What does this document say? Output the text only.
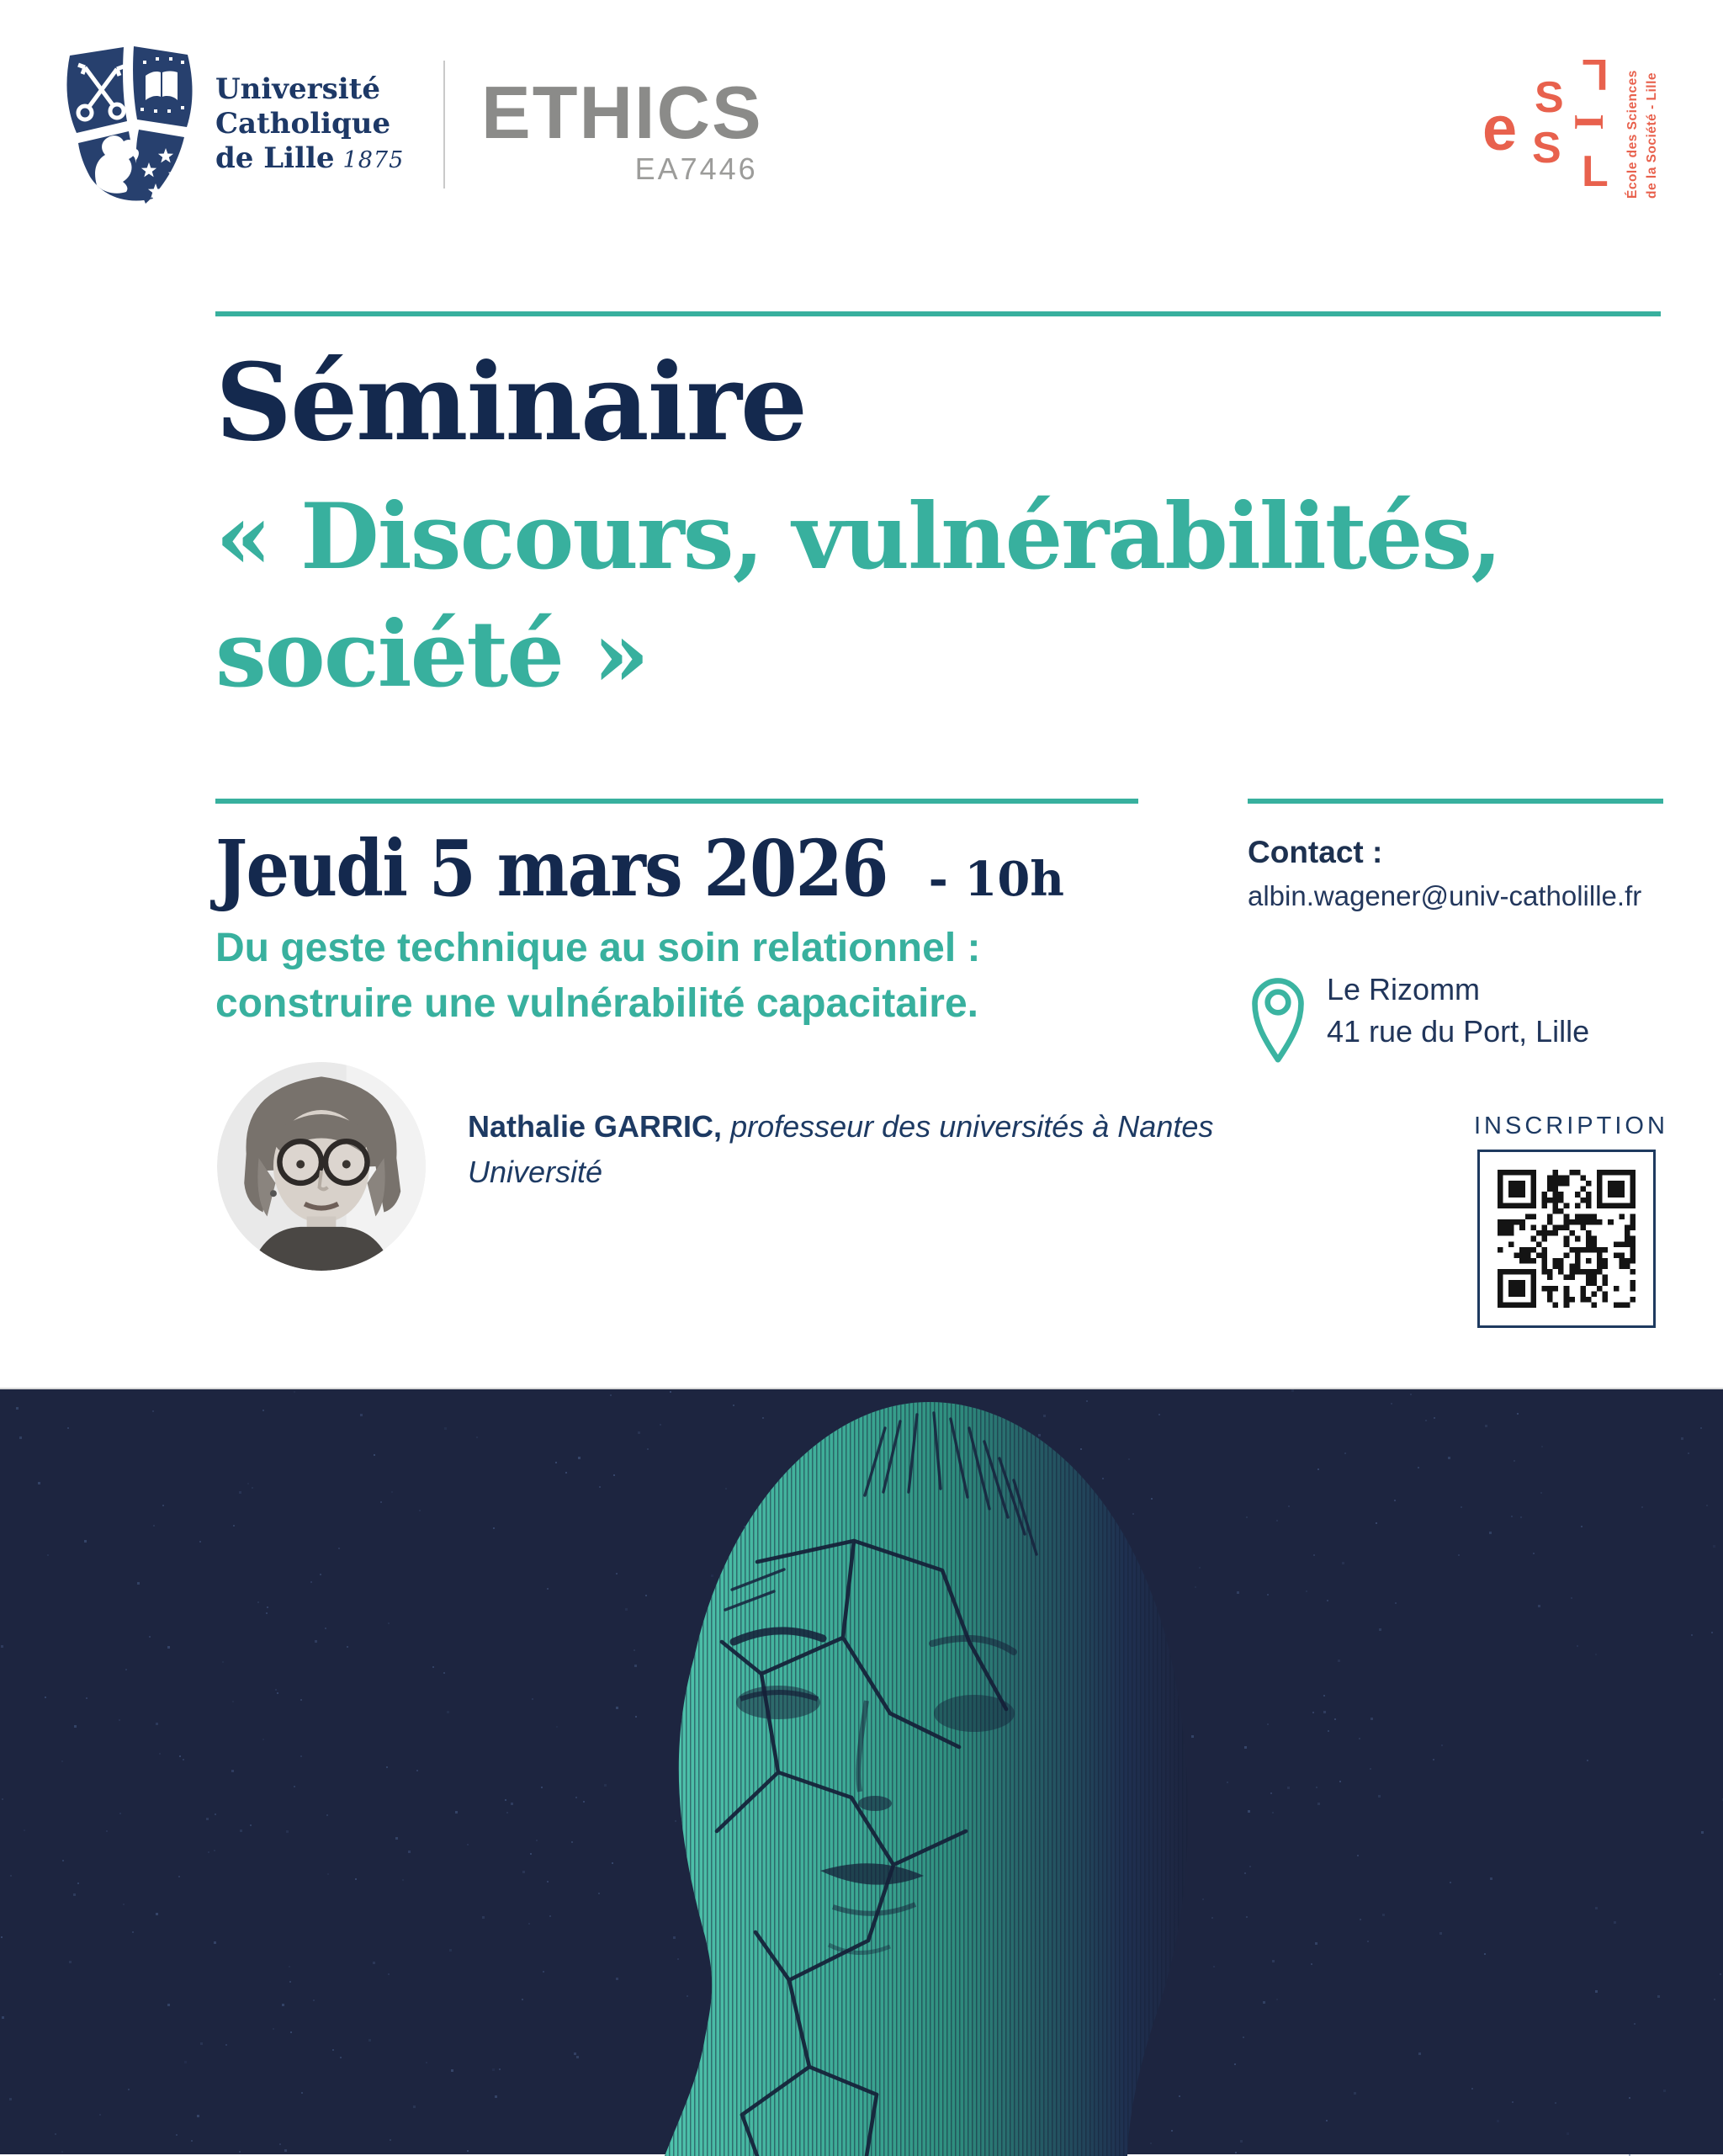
Université
Catholique
de Lille 1875
ETHICS
EA7446
e S
S
L
I
L École des Sciences de la Société - Lille
Séminaire
« Discours, vulnérabilités,
société »
Jeudi 5 mars 2026 - 10h
Du geste technique au soin relationnel :
construire une vulnérabilité capacitaire.

Nathalie GARRIC, professeur des universités à Nantes Université

Contact :
albin.wagener@univ-catholille.fr
Le Rizomm
41 rue du Port, Lille
INSCRIPTION
